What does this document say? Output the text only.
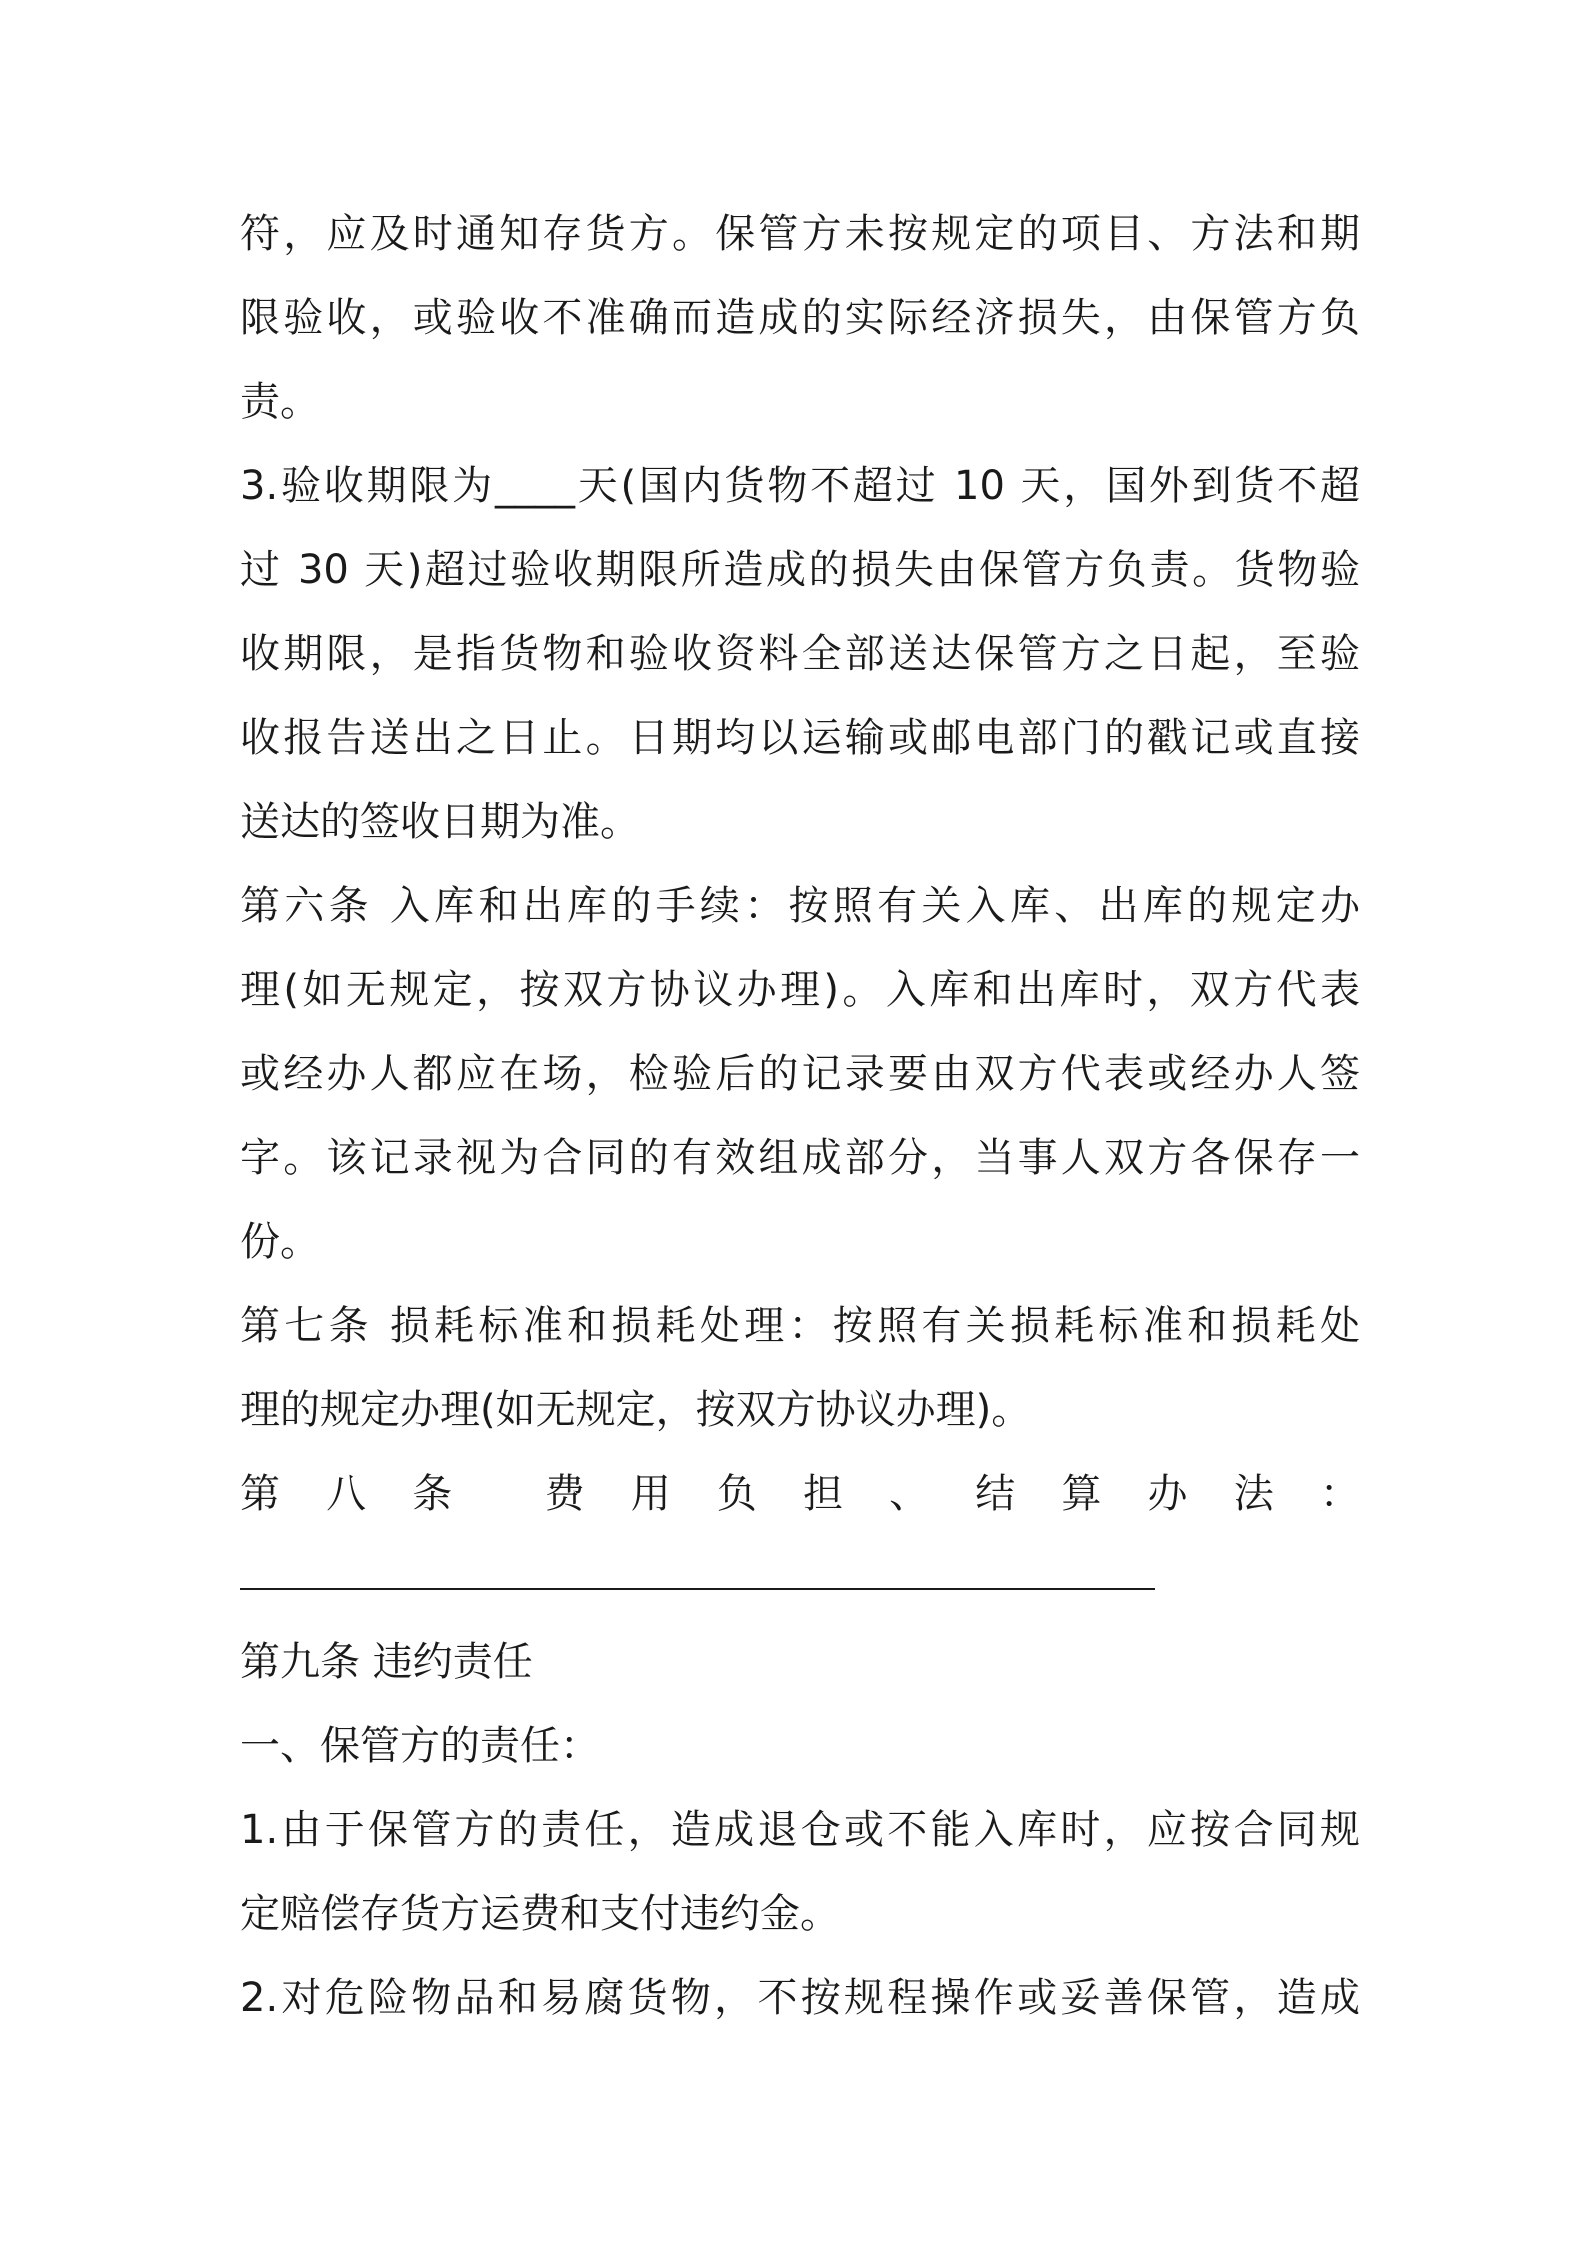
符，应及时通知存货方。保管方未按规定的项目、方法和期
限验收，或验收不准确而造成的实际经济损失，由保管方负
责。
3.验收期限为____天(国内货物不超过 10 天，国外到货不超
过 30 天)超过验收期限所造成的损失由保管方负责。货物验
收期限，是指货物和验收资料全部送达保管方之日起，至验
收报告送出之日止。日期均以运输或邮电部门的戳记或直接
送达的签收日期为准。
第六条 入库和出库的手续：按照有关入库、出库的规定办
理(如无规定，按双方协议办理)。入库和出库时，双方代表
或经办人都应在场，检验后的记录要由双方代表或经办人签
字。该记录视为合同的有效组成部分，当事人双方各保存一
份。
第七条 损耗标准和损耗处理：按照有关损耗标准和损耗处
理的规定办理(如无规定，按双方协议办理)。
第 八 条 费 用 负 担 、 结 算 办 法 ：
第九条 违约责任
一、保管方的责任：
1.由于保管方的责任，造成退仓或不能入库时，应按合同规
定赔偿存货方运费和支付违约金。
2.对危险物品和易腐货物，不按规程操作或妥善保管，造成
